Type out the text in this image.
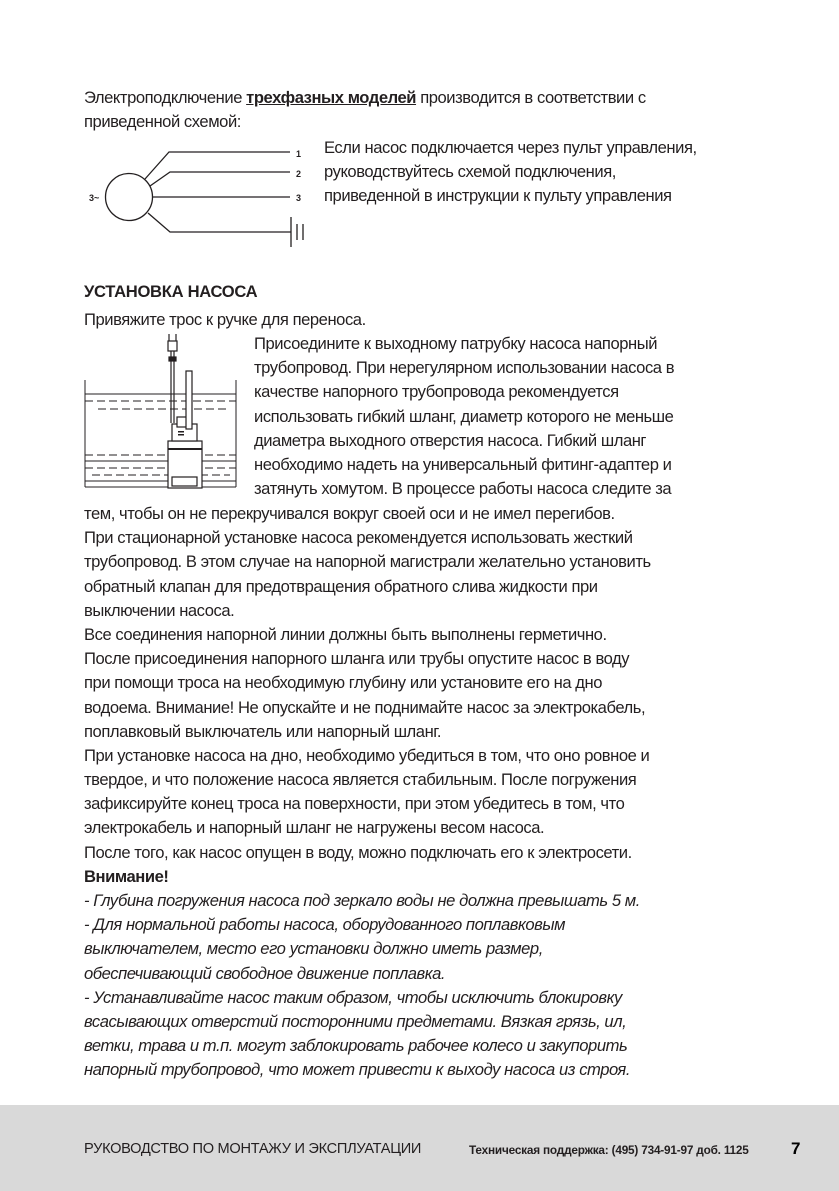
Электроподключение трехфазных моделей производится в соответствии с
приведенной схемой:
3~
1
2
3
Если насос подключается через пульт управления,
руководствуйтесь схемой подключения,
приведенной в инструкции к пульту управления
УСТАНОВКА НАСОСА
Привяжите трос к ручке для переноса.
Присоедините к выходному патрубку насоса напорный
трубопровод. При нерегулярном использовании насоса в
качестве напорного трубопровода рекомендуется
использовать гибкий шланг, диаметр которого не меньше
диаметра выходного отверстия насоса. Гибкий шланг
необходимо надеть на универсальный фитинг-адаптер и
затянуть хомутом. В процессе работы насоса следите за
тем, чтобы он не перекручивался вокруг своей оси и не имел перегибов.
При стационарной установке насоса рекомендуется использовать жесткий
трубопровод. В этом случае на напорной магистрали желательно установить
обратный клапан для предотвращения обратного слива жидкости при
выключении насоса.
Все соединения напорной линии должны быть выполнены герметично.
После присоединения напорного шланга или трубы опустите насос в воду
при помощи троса на необходимую глубину или установите его на дно
водоема. Внимание! Не опускайте и не поднимайте насос за электрокабель,
поплавковый выключатель или напорный шланг.
При установке насоса на дно, необходимо убедиться в том, что оно ровное и
твердое, и что положение насоса является стабильным. После погружения
зафиксируйте конец троса на поверхности, при этом убедитесь в том, что
электрокабель и напорный шланг не нагружены весом насоса.
После того, как насос опущен в воду, можно подключать его к электросети.
Внимание!
- Глубина погружения насоса под зеркало воды не должна превышать 5 м.
- Для нормальной работы насоса, оборудованного поплавковым
выключателем, место его установки должно иметь размер,
обеспечивающий свободное движение поплавка.
- Устанавливайте насос таким образом, чтобы исключить блокировку
всасывающих отверстий посторонними предметами. Вязкая грязь, ил,
ветки, трава и т.п. могут заблокировать рабочее колесо и закупорить
напорный трубопровод, что может привести к выходу насоса из строя.
РУКОВОДСТВО ПО МОНТАЖУ И ЭКСПЛУАТАЦИИ	Техническая поддержка: (495) 734-91-97 доб. 1125 7
